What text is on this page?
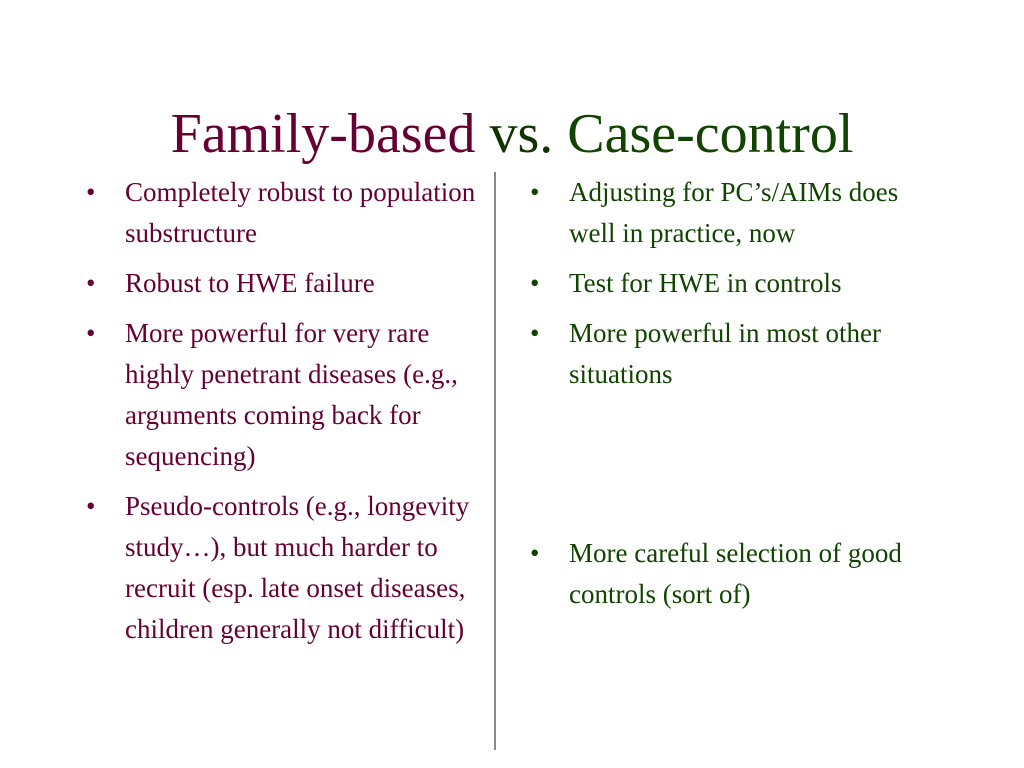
Family-based vs. Case-control
•	Completely robust to population substructure
•	Robust to HWE failure
•	More powerful for very rare highly penetrant diseases (e.g., arguments coming back for sequencing)
•	Pseudo-controls (e.g., longevity study…), but much harder to recruit (esp. late onset diseases, children generally not difficult)
•	Adjusting for PC’s/AIMs does well in practice, now
•	Test for HWE in controls
•	More powerful in most other situations
•	More careful selection of good controls (sort of)
